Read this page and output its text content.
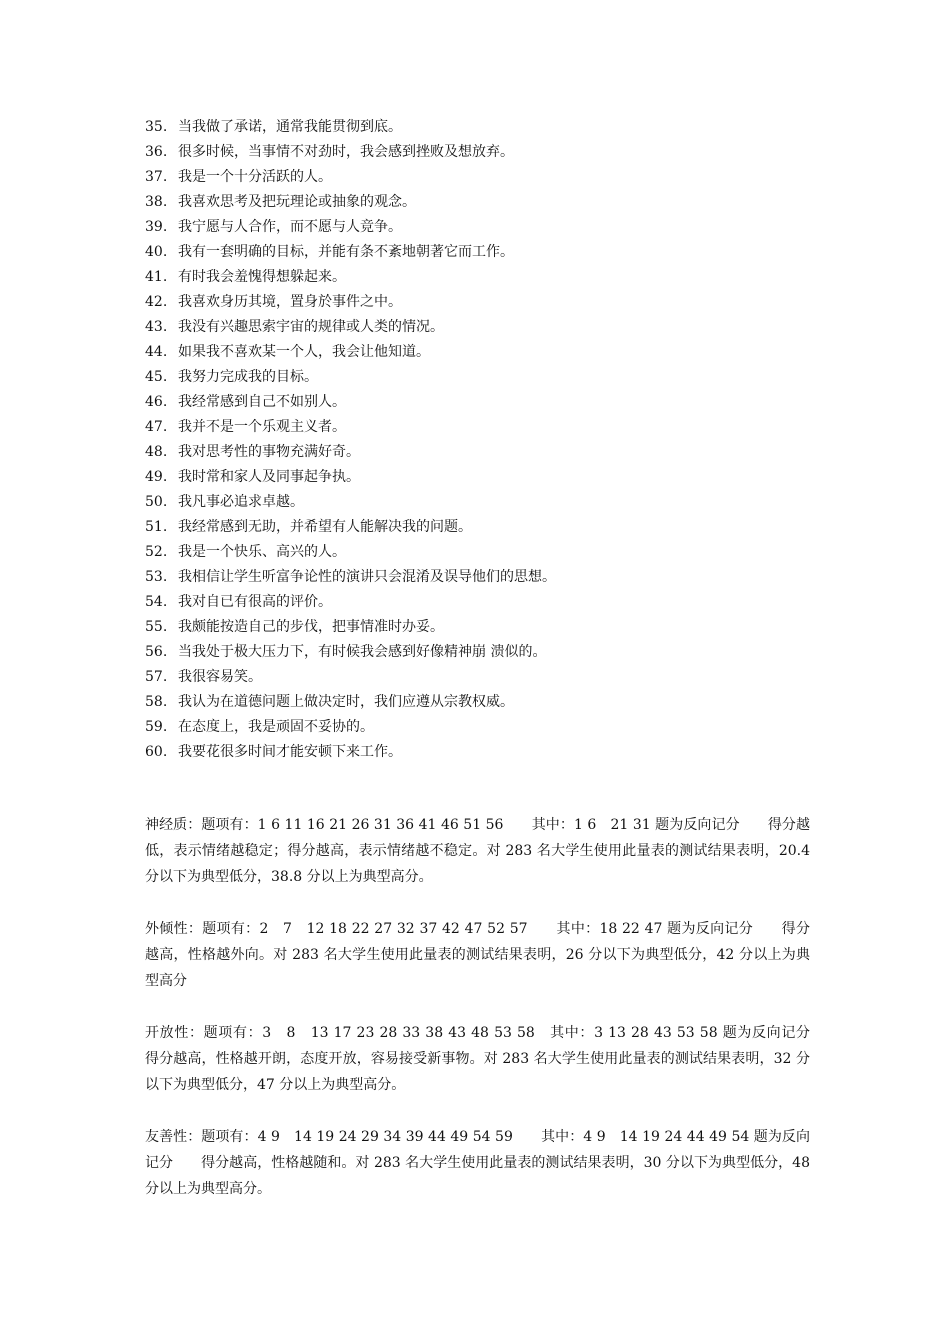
35. 当我做了承诺，通常我能贯彻到底。
36. 很多时候，当事情不对劲时，我会感到挫败及想放弃。
37. 我是一个十分活跃的人。
38. 我喜欢思考及把玩理论或抽象的观念。
39. 我宁愿与人合作，而不愿与人竞争。
40. 我有一套明确的目标，并能有条不紊地朝著它而工作。
41. 有时我会羞愧得想躲起来。
42. 我喜欢身历其境，置身於事件之中。
43. 我没有兴趣思索宇宙的规律或人类的情况。
44. 如果我不喜欢某一个人，我会让他知道。
45. 我努力完成我的目标。
46. 我经常感到自己不如别人。
47. 我并不是一个乐观主义者。
48. 我对思考性的事物充满好奇。
49. 我时常和家人及同事起争执。
50. 我凡事必追求卓越。
51. 我经常感到无助，并希望有人能解决我的问题。
52. 我是一个快乐、高兴的人。
53. 我相信让学生听富争论性的演讲只会混淆及误导他们的思想。
54. 我对自已有很高的评价。
55. 我颇能按造自己的步伐，把事情准时办妥。
56. 当我处于极大压力下，有时候我会感到好像精神崩 溃似的。
57. 我很容易笑。
58. 我认为在道德问题上做决定时，我们应遵从宗教权威。
59. 在态度上，我是顽固不妥协的。
60. 我要花很多时间才能安顿下来工作。

神经质：题项有：1 6 11 16 21 26 31 36 41 46 51 56　　其中：1 6　21 31 题为反向记分　　得分越低，表示情绪越稳定；得分越高，表示情绪越不稳定。对 283 名大学生使用此量表的测试结果表明，20.4 分以下为典型低分，38.8 分以上为典型高分。

外倾性：题项有：2　7　12 18 22 27 32 37 42 47 52 57　　其中：18 22 47 题为反向记分　　得分越高，性格越外向。对 283 名大学生使用此量表的测试结果表明，26 分以下为典型低分，42 分以上为典型高分

开放性：题项有：3　8　13 17 23 28 33 38 43 48 53 58　其中：3 13 28 43 53 58 题为反向记分　得分越高，性格越开朗，态度开放，容易接受新事物。对 283 名大学生使用此量表的测试结果表明，32 分以下为典型低分，47 分以上为典型高分。

友善性：题项有：4 9　14 19 24 29 34 39 44 49 54 59　　其中：4 9　14 19 24 44 49 54 题为反向记分　　得分越高，性格越随和。对 283 名大学生使用此量表的测试结果表明，30 分以下为典型低分，48 分以上为典型高分。
